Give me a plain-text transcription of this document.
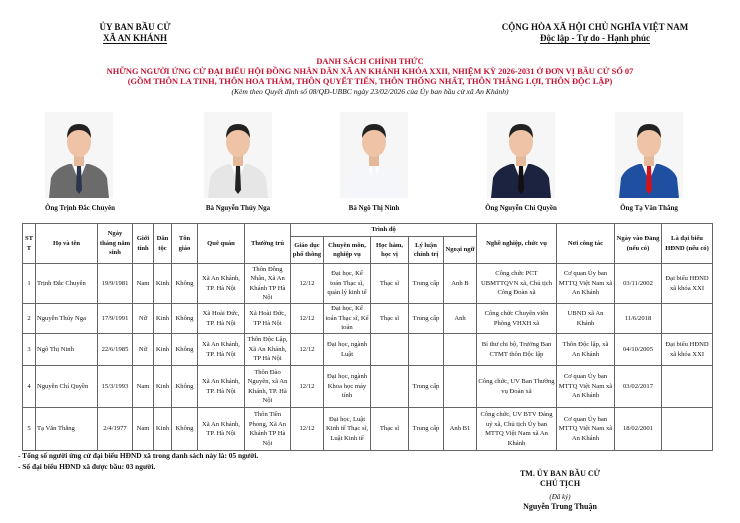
ỦY BAN BẦU CỬ
XÃ AN KHÁNH
CỘNG HÒA XÃ HỘI CHỦ NGHĨA VIỆT NAM
Độc lập - Tự do - Hạnh phúc
DANH SÁCH CHÍNH THỨC
NHỮNG NGƯỜI ỨNG CỬ ĐẠI BIỂU HỘI ĐỒNG NHÂN DÂN XÃ AN KHÁNH KHÓA XXII, NHIỆM KỲ 2026-2031 Ở ĐƠN VỊ BẦU CỬ SỐ 07
(GỒM THÔN LA TINH, THÔN HOA THÁM, THÔN QUYẾT TIẾN, THÔN THỐNG NHẤT, THÔN THẮNG LỢI, THÔN ĐỘC LẬP)
(Kèm theo Quyết định số 08/QĐ-UBBC ngày 23/02/2026 của Ủy ban bầu cử xã An Khánh)
Ông Trịnh Đắc Chuyên	Bà Nguyễn Thúy Nga	Bà Ngô Thị Ninh	Ông Nguyễn Chí Quyền	Ông Tạ Văn Thắng
ST T	Họ và tên	Ngày tháng năm sinh	Giới tính	Dân tộc	Tôn giáo	Quê quán	Thường trú	Trình độ					Nghề nghiệp, chức vụ	Nơi công tác	Ngày vào Đảng (nếu có)	Là đại biểu HĐND (nếu có)
								Giáo dục phổ thông	Chuyên môn, nghiệp vụ	Học hàm, học vị	Lý luận chính trị	Ngoại ngữ				
1	Trịnh Đắc Chuyên	19/9/1981	Nam	Kinh	Không	Xã An Khánh, TP. Hà Nội	Thôn Đồng Nhân, Xã An Khánh TP Hà Nội	12/12	Đại học, Kế toán Thạc sĩ, quản lý kinh tế	Thạc sĩ	Trung cấp	Anh B	Công chức PCT UBMTTQVN xã, Chủ tịch Công Đoàn xã	Cơ quan Ủy ban MTTQ Việt Nam xã An Khánh	03/11/2002	Đại biểu HĐND xã khóa XXI
2	Nguyễn Thúy Nga	17/9/1991	Nữ	Kinh	Không	Xã Hoài Đức, TP. Hà Nội	Xã Hoài Đức, TP Hà Nội	12/12	Đại học, Kế toán Thạc sĩ, Kế toán	Thạc sĩ	Trung cấp	Anh	Công chức Chuyên viên Phòng VHXH xã	UBND xã An Khánh	11/6/2018	
3	Ngô Thị Ninh	22/6/1985	Nữ	Kinh	Không	Xã An Khánh, TP. Hà Nội	Thôn Độc Lập, Xã An Khánh, TP Hà Nội	12/12	Đại học, ngành Luật				Bí thư chi bộ, Trưởng Ban CTMT thôn Độc lập	Thôn Độc lập, xã An Khánh	04/10/2005	Đại biểu HĐND xã khóa XXI
4	Nguyễn Chí Quyền	15/3/1993	Nam	Kinh	Không	Xã An Khánh, TP. Hà Nội	Thôn Đào Nguyên, xã An Khánh, TP. Hà Nội	12/12	Đại học, ngành Khoa học máy tính		Trung cấp		Công chức, UV Ban Thường vụ Đoàn xã	Cơ quan Ủy ban MTTQ Việt Nam xã An Khánh	03/02/2017	
5	Tạ Văn Thắng	2/4/1977	Nam	Kinh	Không	Xã An Khánh, TP. Hà Nội	Thôn Tiền Phong, Xã An Khánh TP Hà Nội	12/12	Đại học, Luật Kinh tế Thạc sĩ, Luật Kinh tế	Thạc sĩ	Trung cấp	Anh B1	Công chức, UV BTV Đảng uỷ xã, Chủ tịch Ủy ban MTTQ Việt Nam xã An Khánh	Cơ quan Ủy ban MTTQ Việt Nam xã An Khánh	18/02/2001	
- Tổng số người ứng cử đại biểu HĐND xã trong danh sách này là: 05 người.
- Số đại biểu HĐND xã được bầu: 03 người.
TM. ỦY BAN BẦU CỬ
CHỦ TỊCH
(Đã ký)
Nguyễn Trung Thuận
